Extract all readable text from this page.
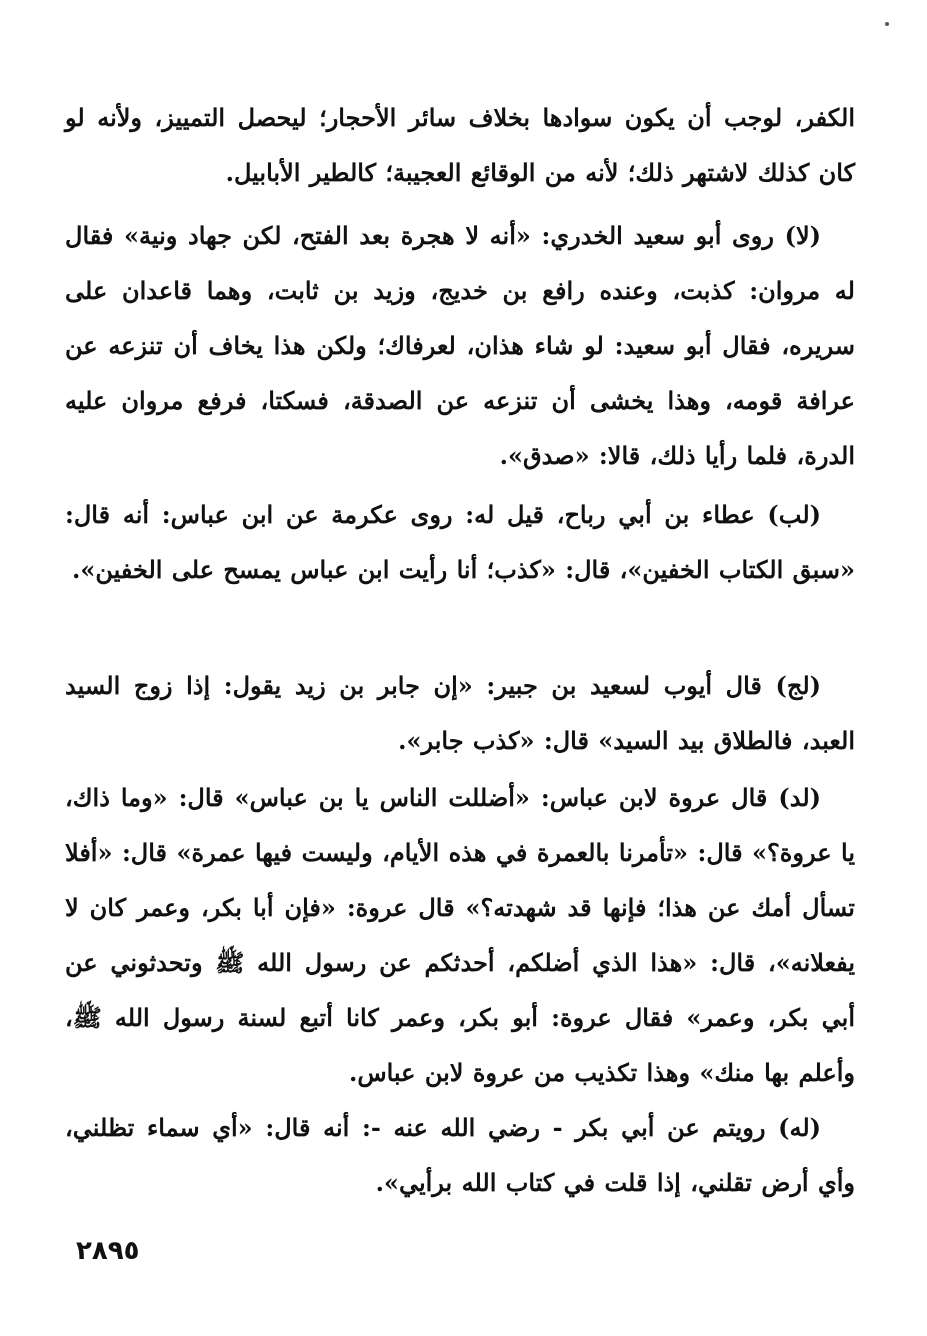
الكفر، لوجب أن يكون سوادها بخلاف سائر الأحجار؛ ليحصل التمييز، ولأنه لو كان كذلك لاشتهر ذلك؛ لأنه من الوقائع العجيبة؛ كالطير الأبابيل.

(لا) روى أبو سعيد الخدري: «أنه لا هجرة بعد الفتح، لكن جهاد ونية» فقال له مروان: كذبت، وعنده رافع بن خديج، وزيد بن ثابت، وهما قاعدان على سريره، فقال أبو سعيد: لو شاء هذان، لعرفاك؛ ولكن هذا يخاف أن تنزعه عن عرافة قومه، وهذا يخشى أن تنزعه عن الصدقة، فسكتا، فرفع مروان عليه الدرة، فلما رأيا ذلك، قالا: «صدق».

(لب) عطاء بن أبي رباح، قيل له: روى عكرمة عن ابن عباس: أنه قال: «سبق الكتاب الخفين»، قال: «كذب؛ أنا رأيت ابن عباس يمسح على الخفين».

(لج) قال أيوب لسعيد بن جبير: «إن جابر بن زيد يقول: إذا زوج السيد العبد، فالطلاق بيد السيد» قال: «كذب جابر».

(لد) قال عروة لابن عباس: «أضللت الناس يا بن عباس» قال: «وما ذاك، يا عروة؟» قال: «تأمرنا بالعمرة في هذه الأيام، وليست فيها عمرة» قال: «أفلا تسأل أمك عن هذا؛ فإنها قد شهدته؟» قال عروة: «فإن أبا بكر، وعمر كان لا يفعلانه»، قال: «هذا الذي أضلكم، أحدثكم عن رسول الله ﷺ وتحدثوني عن أبي بكر، وعمر» فقال عروة: أبو بكر، وعمر كانا أتبع لسنة رسول الله ﷺ، وأعلم بها منك» وهذا تكذيب من عروة لابن عباس.

(له) رويتم عن أبي بكر - رضي الله عنه -: أنه قال: «أي سماء تظلني، وأي أرض تقلني، إذا قلت في كتاب الله برأيي».

٢٨٩٥
